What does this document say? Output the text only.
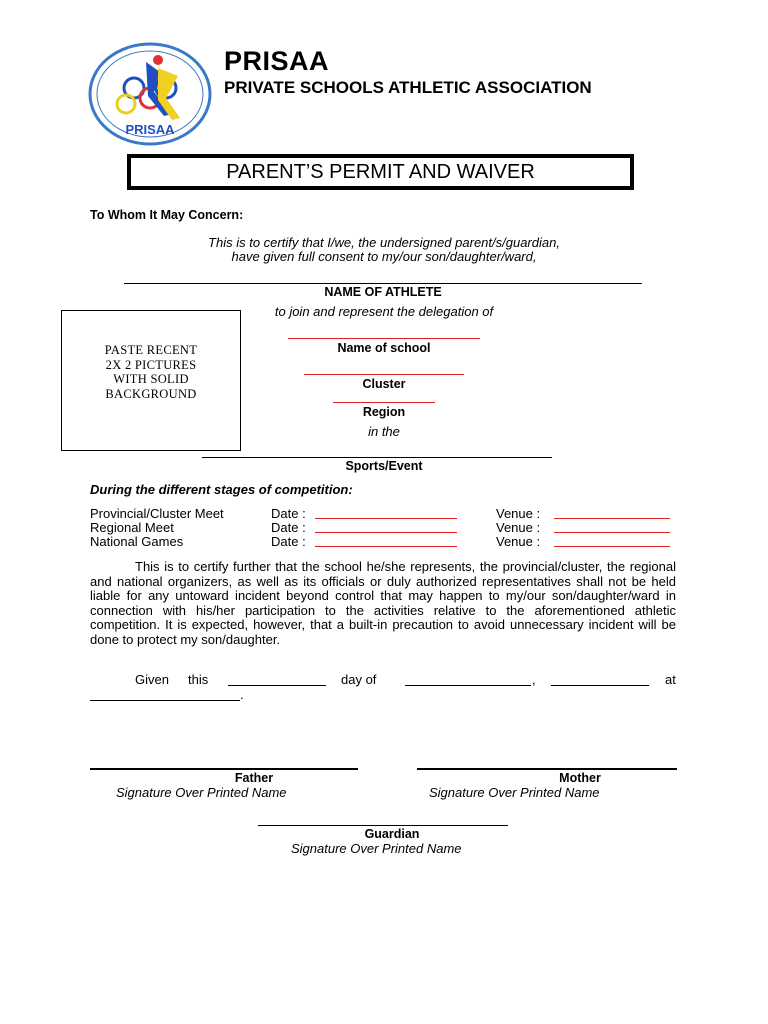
PRISAA
PRISAA
PRIVATE SCHOOLS ATHLETIC ASSOCIATION
PARENT’S PERMIT AND WAIVER
To Whom It May Concern:
This is to certify that I/we, the undersigned parent/s/guardian,
have given full consent to my/our son/daughter/ward,
NAME OF ATHLETE
to join and represent the delegation of
PASTE RECENT
2X 2 PICTURES
WITH SOLID
BACKGROUND
Name of school
Cluster
Region
in the
Sports/Event
During the different stages of competition:
Provincial/Cluster Meet	Date :	Venue :
Regional Meet	Date :	Venue :
National Games	Date :	Venue :
This is to certify further that the school he/she represents, the provincial/cluster, the regional and national organizers, as well as its officials or duly authorized representatives shall not be held liable for any untoward incident beyond control that may happen to my/our son/daughter/ward in connection with his/her participation to the activities relative to the aforementioned athletic competition. It is expected, however, that a built-in precaution to avoid unnecessary incident will be done to protect my son/daughter.
Given this	day of	,	at
.
Father
Signature Over Printed Name
Mother
Signature Over Printed Name
Guardian
Signature Over Printed Name
